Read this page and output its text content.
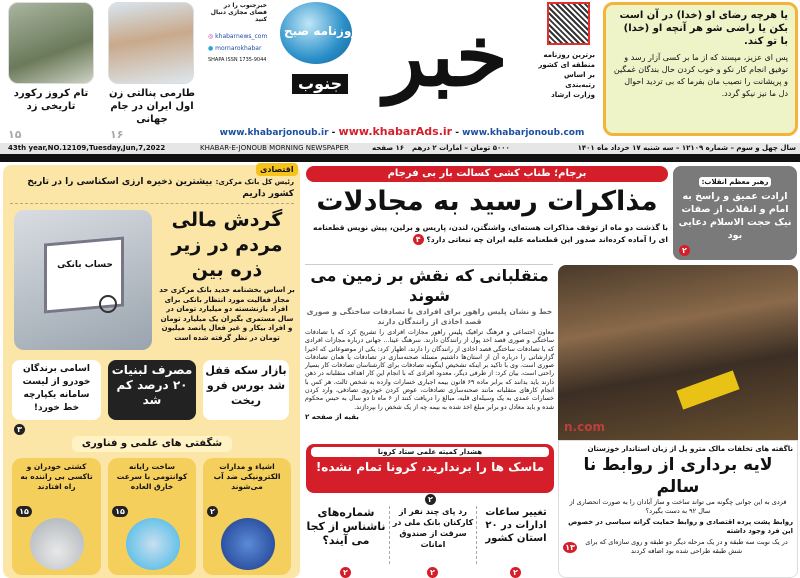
تام کروز رکورد تاریخی زد
۱۵
طارمی پنالتی زن اول ایران در جام جهانی
۱۶
خبرجنوب را در فضای مجازی دنبال کنید
◎ khabarnews_com
● mornarokhabar
SHAPA ISSN 1735-9044
روزنامه صبح
جنوب خبر	برترین روزنامه
منطقه ای کشور
بر اساس
رتبه‌بندی
وزارت ارشاد
یا هرچه رضای او (خدا) در آن است بکن یا راضی شو هر آنچه او (خدا) با تو کند.
پس ای عزیز، مپسند که از ما بر کسی آزار رسد و توفیق انجام کار نکو و خوب کردن حال بندگان غمگین و پریشانت را نصیب مان بفرما که بی تردید احوال دل ما نیز نیکو گردد.
www.khabarjonoub.ir - www.khabarAds.ir - www.khabarjonoub.com
43th year,NO.12109,Tuesday,Jun,7,2022	KHABAR-E-JONOUB MORNING NEWSPAPER	۱۶ صفحه ۵۰۰۰ تومان – امارات ۲ درهم	سال چهل و سوم – شماره ۱۲۱۰۹ – سه شنبه ۱۷ خرداد ماه ۱۴۰۱
اقتصادی
رئیس کل بانک مرکزی: بیشترین ذخیره ارزی اسکناسی را در تاریخ کشور داریم
حساب بانکی
گردش مالی مردم در زیر ذره بین
بر اساس بخشنامه جدید بانک مرکزی حد مجاز فعالیت مورد انتظار بانکی برای افراد بازنشسته دو میلیارد تومان در سال مستمری بگیران یک میلیارد تومان و افراد بیکار و غیر فعال پانصد میلیون تومان در نظر گرفته شده است
بازار سکه قفل شد بورس فرو ریخت
مصرف لبنیات ۲۰ درصد کم شد
اسامی برندگان خودرو از لیست سامانه یکپارچه خط خورد!
۳
شگفتی های علمی و فناوری
اشیاء و مدارات الکترونیکی ضد آب می‌شوند
۲
ساخت رایانه کوانتومی با سرعت خارق العاده
۱۵
کشتی خودران و تاکسی بی راننده به راه افتادند
۱۵
برجام؛ طناب کشی کسالت بار بی فرجام
مذاکرات رسید به مجادلات
با گذشت دو ماه از توقف مذاکرات هسته‌ای، واشنگتن، لندن، پاریس و برلین، پیش نویس قطعنامه ای را آماده کرده‌اند صدور این قطعنامه علیه ایران چه تبعاتی دارد؟ ۴
رهبر معظم انقلاب:
ارادت عمیق و راسخ به امام و انقلاب از صفات نیک حجت الاسلام دعایی بود
۲
متقلبانی که نقش بر زمین می شوند
خط و نشان پلیس راهور برای افرادی با تصادفات ساختگی و صوری قصد اخاذی از رانندگان دارند
معاون اجتماعی و فرهنگ ترافیک پلیس راهور مجازات افرادی را تشریح کرد که با تصادفات ساختگی و صوری قصد اخذ پول از رانندگان دارند. سرهنگ عینا... جهانی درباره مجازات افرادی که با تصادفات ساختگی قصد اخاذی از رانندگان را دارند، اظهار کرد: یکی از موضوعاتی که اخیرا گزارشاتی را درباره آن از استان‌ها داشتیم مسئله صحنه‌سازی در تصادفات یا همان تصادفات صوری است. وی با تاکید بر اینکه تشخیص اینگونه تصادفات برای کارشناسان تصادفات کار بسیار راحتی است، بیان کرد: از طرفی دیگر، معدود افرادی که با انجام این کار اهداف متقلبانه در ذهن دارند باید بدانند که برابر ماده ۶۹ قانون بیمه اجباری خسارات وارده به شخص ثالث، هر کس با انجام کارهای متقلبانه مانند صحنه‌سازی تصادفات، عوض کردن خودروی تصادفی، وارد کردن خسارات عمدی به یک وسیله‌ای قلیه، مبالغ را دریافت کنند از ۶ ماه تا دو سال به حبس محکوم شده و باید معادل دو برابر مبلغ اخذ شده به بیمه چه از یک شخص را بپردازند.
بقیه از صفحه ۲
n.com
ناگفته های تخلفات مالک مترو پل از زبان استاندار خوزستان
لایه برداری از روابط نا سالم
فردی به این جوانی چگونه می تواند ساخت و ساز آبادان را به صورت انحصاری از سال ۹۲ به دست بگیرد؟
روابط پشت پرده اقتصادی و روابط حمایت گرانه سیاسی در خصوص این فرد وجود داشته
۱۳
در یک نوبت سه طبقه و در یک مرحله دیگر دو طبقه و روی سازه‌ای که برای شش طبقه طراحی شده بود اضافه کردند
هشدار کمیته علمی ستاد کرونا
ماسک ها را برندارید، کرونا تمام نشده!
۲
تغییر ساعات ادارات در ۲۰ استان کشور
۲
رد پای چند نفر از کارکنان بانک ملی در سرقت از صندوق امانات
۲
شماره‌های ناشناس از کجا می آیند؟
۲
